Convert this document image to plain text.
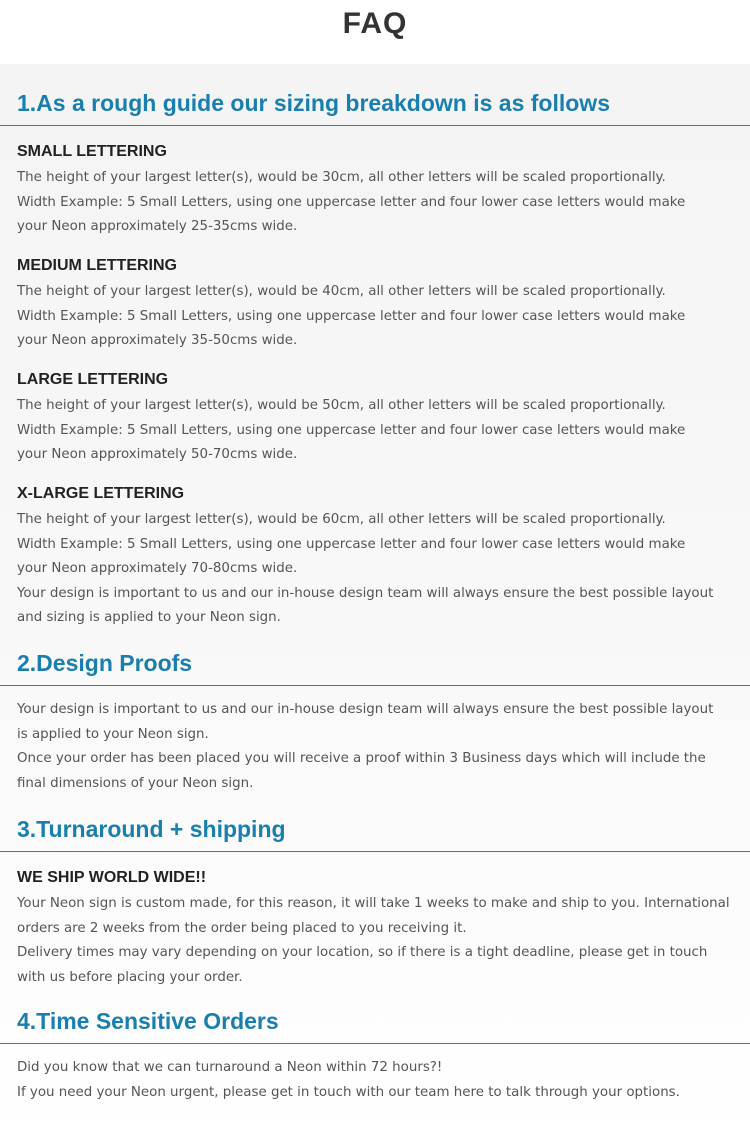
FAQ
1.As a rough guide our sizing breakdown is as follows
SMALL LETTERING
The height of your largest letter(s), would be 30cm, all other letters will be scaled proportionally.
Width Example: 5 Small Letters, using one uppercase letter and four lower case letters would make
your Neon approximately 25-35cms wide.
MEDIUM LETTERING
The height of your largest letter(s), would be 40cm, all other letters will be scaled proportionally.
Width Example: 5 Small Letters, using one uppercase letter and four lower case letters would make
your Neon approximately 35-50cms wide.
LARGE LETTERING
The height of your largest letter(s), would be 50cm, all other letters will be scaled proportionally.
Width Example: 5 Small Letters, using one uppercase letter and four lower case letters would make
your Neon approximately 50-70cms wide.
X-LARGE LETTERING
The height of your largest letter(s), would be 60cm, all other letters will be scaled proportionally.
Width Example: 5 Small Letters, using one uppercase letter and four lower case letters would make
your Neon approximately 70-80cms wide.
Your design is important to us and our in-house design team will always ensure the best possible layout
and sizing is applied to your Neon sign.
2.Design Proofs
Your design is important to us and our in-house design team will always ensure the best possible layout
is applied to your Neon sign.
Once your order has been placed you will receive a proof within 3 Business days which will include the
final dimensions of your Neon sign.
3.Turnaround + shipping
WE SHIP WORLD WIDE!!
Your Neon sign is custom made, for this reason, it will take 1 weeks to make and ship to you. International
orders are 2 weeks from the order being placed to you receiving it.
Delivery times may vary depending on your location, so if there is a tight deadline, please get in touch
with us before placing your order.
4.Time Sensitive Orders
Did you know that we can turnaround a Neon within 72 hours?!
If you need your Neon urgent, please get in touch with our team here to talk through your options.
